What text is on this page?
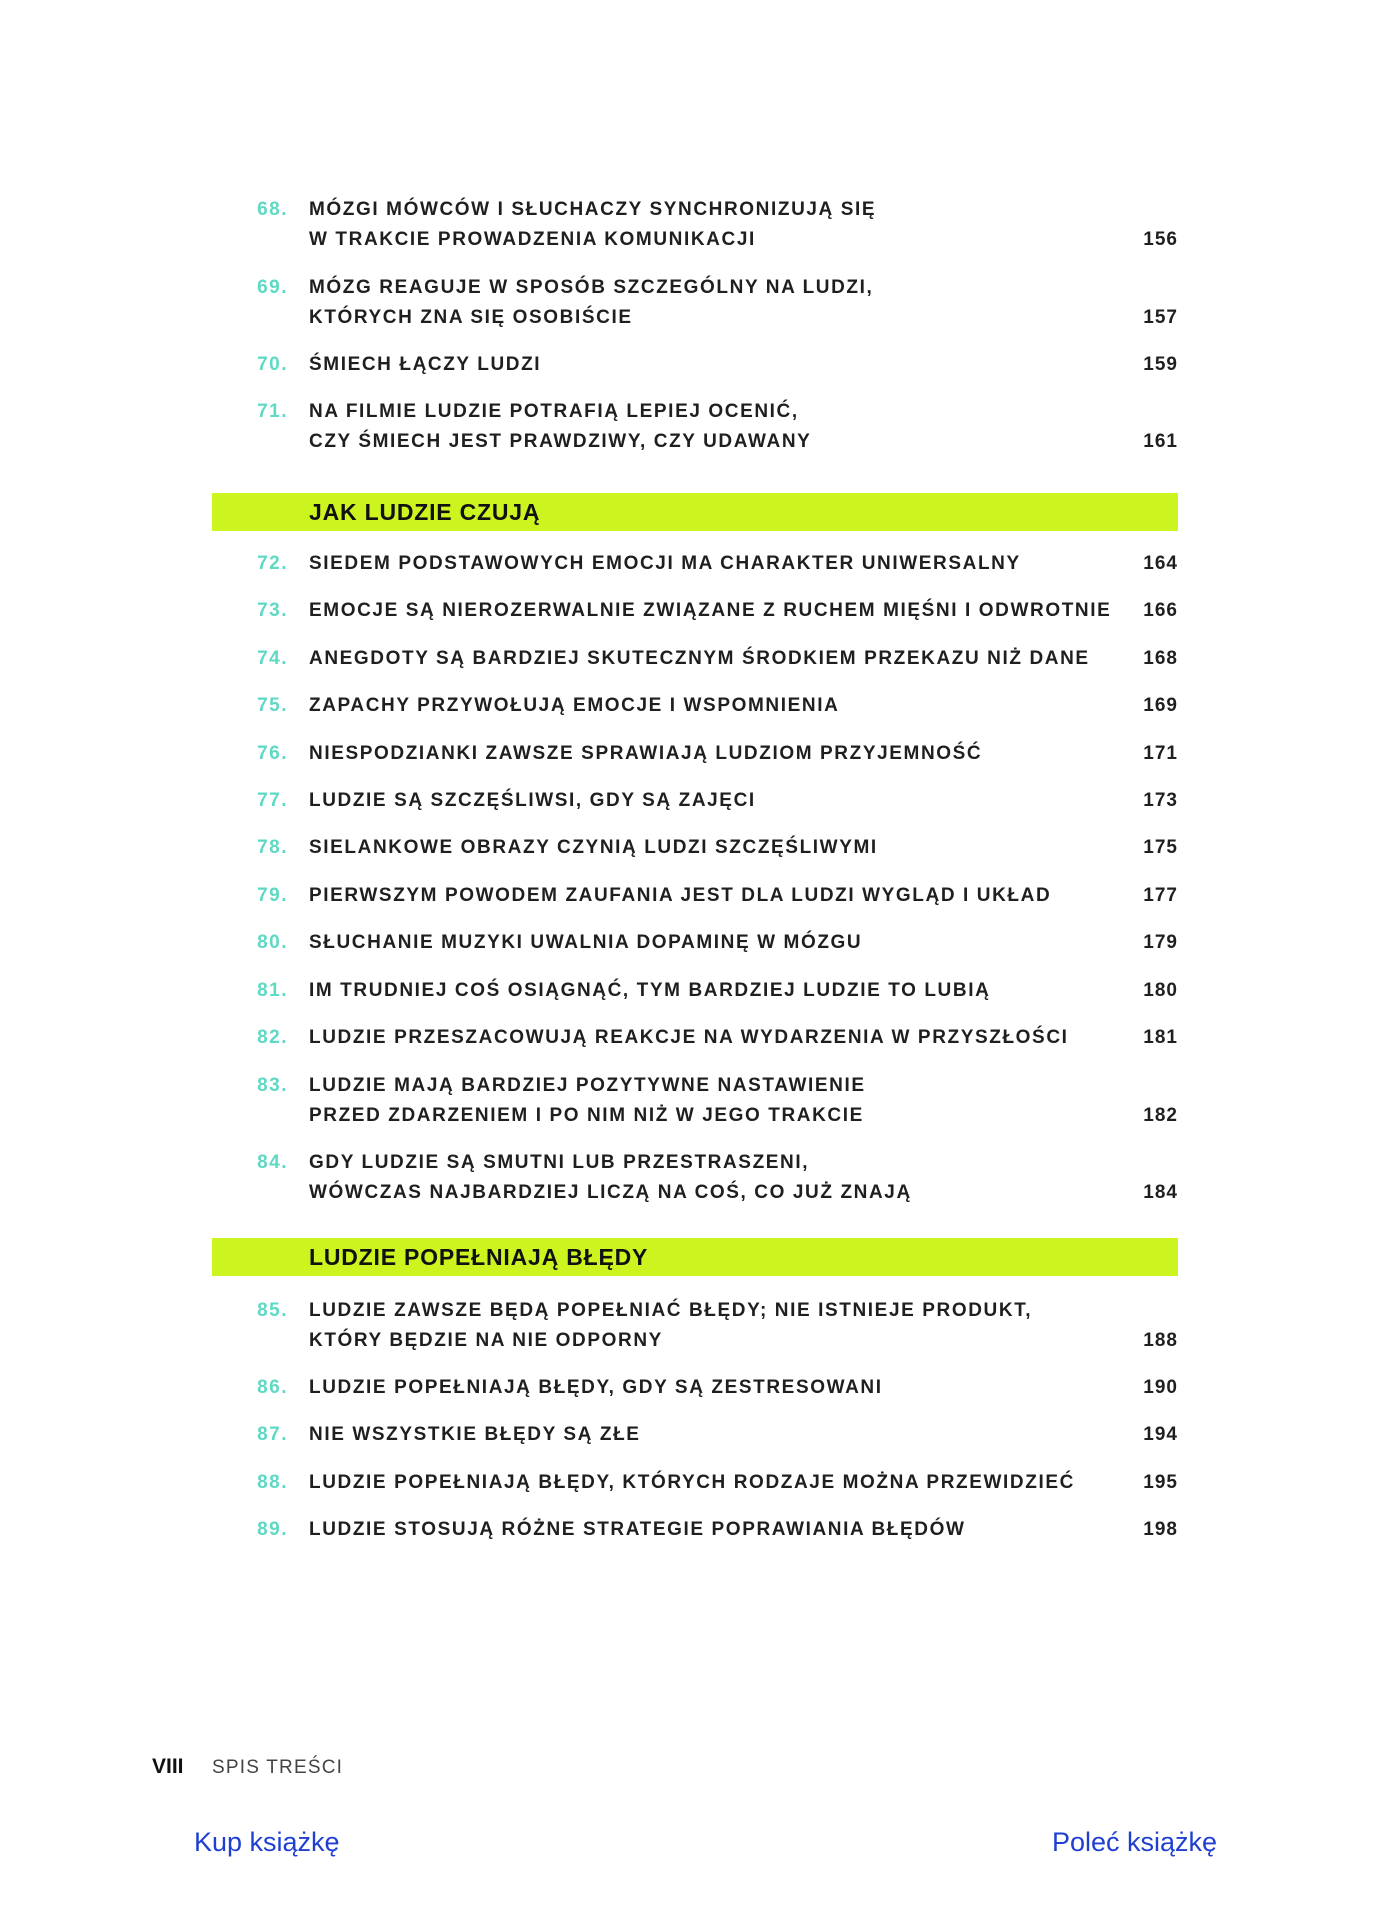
68. MÓZGI MÓWCÓW I SŁUCHACZY SYNCHRONIZUJĄ SIĘ
W TRAKCIE PROWADZENIA KOMUNIKACJI	156
69. MÓZG REAGUJE W SPOSÓB SZCZEGÓLNY NA LUDZI,
KTÓRYCH ZNA SIĘ OSOBIŚCIE	157
70. ŚMIECH ŁĄCZY LUDZI	159
71. NA FILMIE LUDZIE POTRAFIĄ LEPIEJ OCENIĆ,
CZY ŚMIECH JEST PRAWDZIWY, CZY UDAWANY	161
JAK LUDZIE CZUJĄ
72. SIEDEM PODSTAWOWYCH EMOCJI MA CHARAKTER UNIWERSALNY	164
73. EMOCJE SĄ NIEROZERWALNIE ZWIĄZANE Z RUCHEM MIĘŚNI I ODWROTNIE	166
74. ANEGDOTY SĄ BARDZIEJ SKUTECZNYM ŚRODKIEM PRZEKAZU NIŻ DANE	168
75. ZAPACHY PRZYWOŁUJĄ EMOCJE I WSPOMNIENIA	169
76. NIESPODZIANKI ZAWSZE SPRAWIAJĄ LUDZIOM PRZYJEMNOŚĆ	171
77. LUDZIE SĄ SZCZĘŚLIWSI, GDY SĄ ZAJĘCI	173
78. SIELANKOWE OBRAZY CZYNIĄ LUDZI SZCZĘŚLIWYMI	175
79. PIERWSZYM POWODEM ZAUFANIA JEST DLA LUDZI WYGLĄD I UKŁAD	177
80. SŁUCHANIE MUZYKI UWALNIA DOPAMINĘ W MÓZGU	179
81. IM TRUDNIEJ COŚ OSIĄGNĄĆ, TYM BARDZIEJ LUDZIE TO LUBIĄ	180
82. LUDZIE PRZESZACOWUJĄ REAKCJE NA WYDARZENIA W PRZYSZŁOŚCI	181
83. LUDZIE MAJĄ BARDZIEJ POZYTYWNE NASTAWIENIE
PRZED ZDARZENIEM I PO NIM NIŻ W JEGO TRAKCIE	182
84. GDY LUDZIE SĄ SMUTNI LUB PRZESTRASZENI,
WÓWCZAS NAJBARDZIEJ LICZĄ NA COŚ, CO JUŻ ZNAJĄ	184
LUDZIE POPEŁNIAJĄ BŁĘDY
85. LUDZIE ZAWSZE BĘDĄ POPEŁNIAĆ BŁĘDY; NIE ISTNIEJE PRODUKT,
KTÓRY BĘDZIE NA NIE ODPORNY	188
86. LUDZIE POPEŁNIAJĄ BŁĘDY, GDY SĄ ZESTRESOWANI	190
87. NIE WSZYSTKIE BŁĘDY SĄ ZŁE	194
88. LUDZIE POPEŁNIAJĄ BŁĘDY, KTÓRYCH RODZAJE MOŻNA PRZEWIDZIEĆ	195
89. LUDZIE STOSUJĄ RÓŻNE STRATEGIE POPRAWIANIA BŁĘDÓW	198
VIII SPIS TREŚCI
Kup książkę	Poleć książkę
